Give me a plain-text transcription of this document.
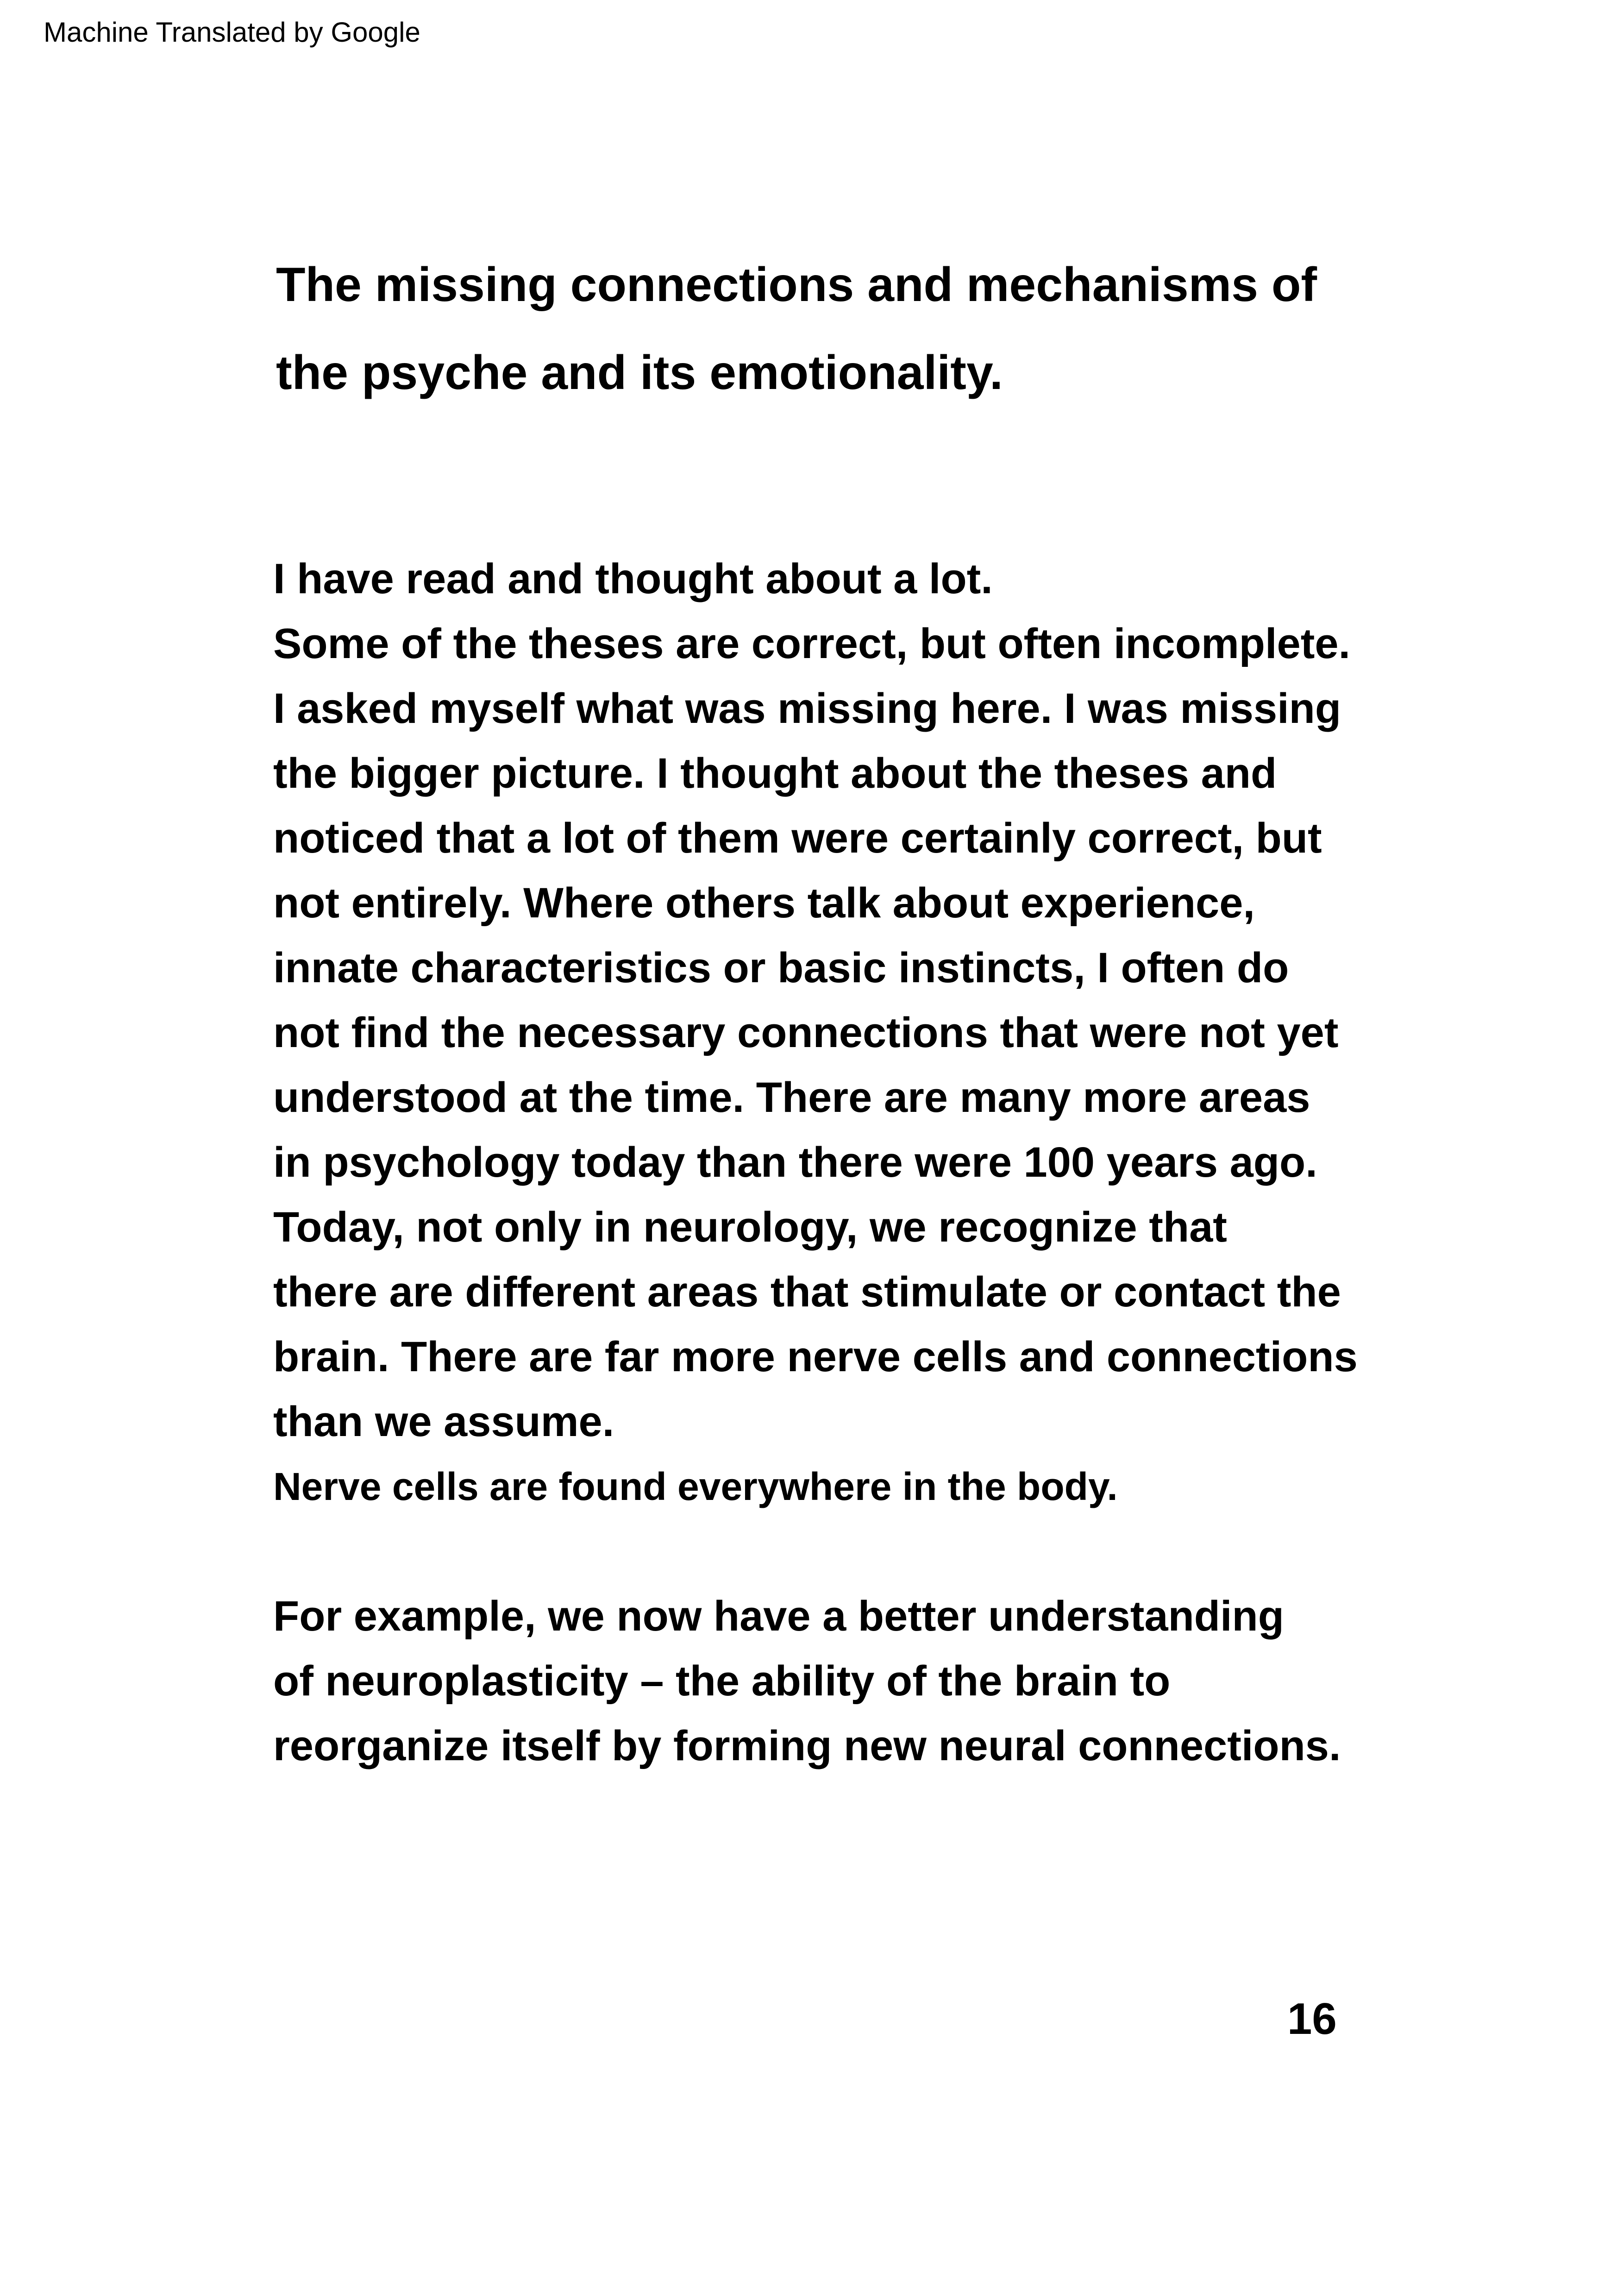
Machine Translated by Google
The missing connections and mechanisms of
the psyche and its emotionality.
I have read and thought about a lot.
Some of the theses are correct, but often incomplete.
I asked myself what was missing here. I was missing
the bigger picture. I thought about the theses and
noticed that a lot of them were certainly correct, but
not entirely. Where others talk about experience,
innate characteristics or basic instincts, I often do
not find the necessary connections that were not yet
understood at the time. There are many more areas
in psychology today than there were 100 years ago.
Today, not only in neurology, we recognize that
there are different areas that stimulate or contact the
brain. There are far more nerve cells and connections
than we assume.
Nerve cells are found everywhere in the body.
For example, we now have a better understanding
of neuroplasticity – the ability of the brain to
reorganize itself by forming new neural connections.
16
